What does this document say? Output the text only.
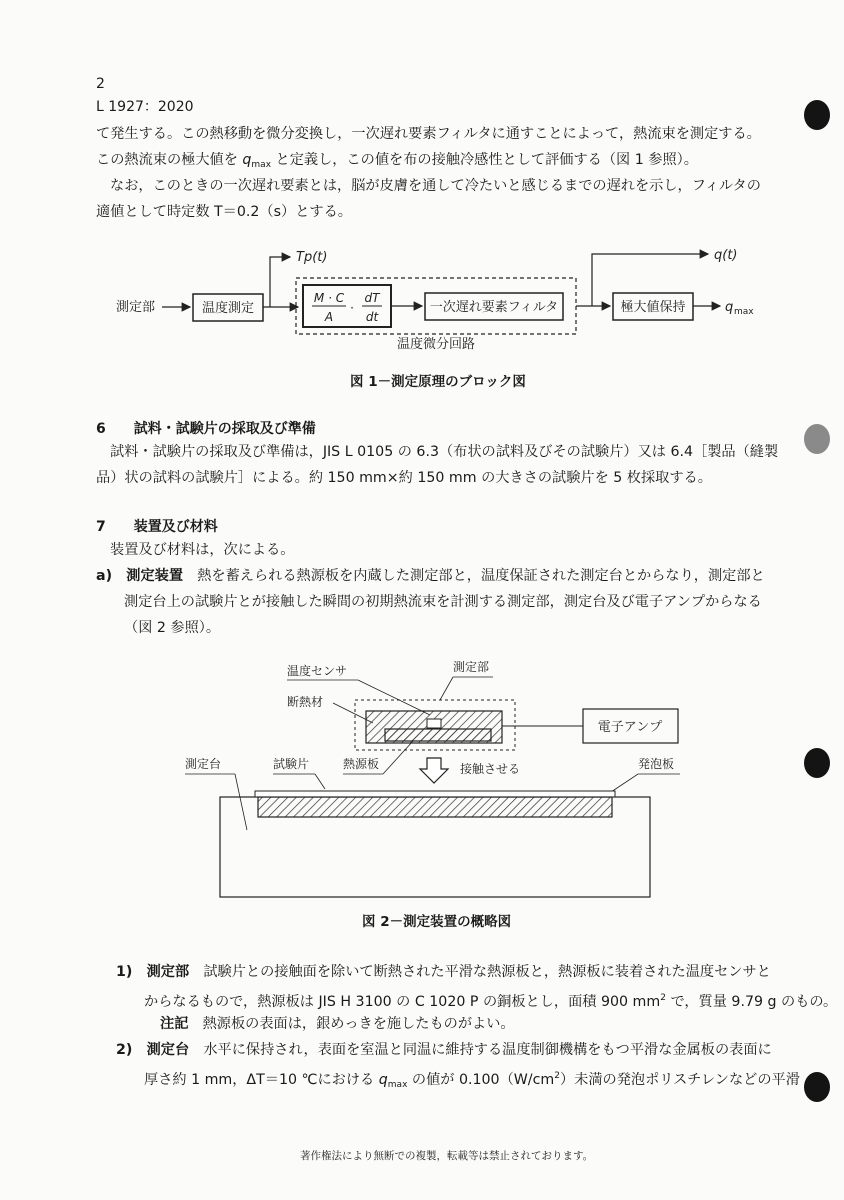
2
L 1927：2020
て発生する。この熱移動を微分変換し，一次遅れ要素フィルタに通すことによって，熱流束を測定する。
この熱流束の極大値を $q_{max}$ と定義し，この値を布の接触冷感性として評価する（図 1 参照）。
なお，このときの一次遅れ要素とは，脳が皮膚を通して冷たいと感じるまでの遅れを示し，フィルタの
適値として時定数 T＝0.2（s）とする。
測定部	温度測定
Tp(t)
温度微分回路
M · C
A
·
dT
dt
一次遅れ要素フィルタ
q(t)
極大値保持	q max
図 1－測定原理のブロック図
6　　試料・試験片の採取及び準備
試料・試験片の採取及び準備は，JIS L 0105 の 6.3（布状の試料及びその試験片）又は 6.4［製品（縫製
品）状の試料の試験片］による。約 150 mm×約 150 mm の大きさの試験片を 5 枚採取する。
7　　装置及び材料
装置及び材料は，次による。
a)　 測定装置　 熱を蓄えられる熱源板を内蔵した測定部と，温度保証された測定台とからなり，測定部と
測定台上の試験片とが接触した瞬間の初期熱流束を計測する測定部，測定台及び電子アンプからなる
（図 2 参照）。
温度センサ	測定部
断熱材
電子アンプ
測定台	試験片	熱源板	接触させる	発泡板
図 2－測定装置の概略図
1)　 測定部　 試験片との接触面を除いて断熱された平滑な熱源板と，熱源板に装着された温度センサと
からなるもので，熱源板は JIS H 3100 の C 1020 P の銅板とし，面積 900 $mm^2$ で，質量 9.79 g のもの。
注記　 熱源板の表面は，銀めっきを施したものがよい。
2)　 測定台　 水平に保持され，表面を室温と同温に維持する温度制御機構をもつ平滑な金属板の表面に
厚さ約 1 mm，ΔT＝10 ℃における $q_{max}$ の値が $0.100(W/cm^2)$未満の発泡ポリスチレンなどの平滑
著作権法により無断での複製，転載等は禁止されております。
